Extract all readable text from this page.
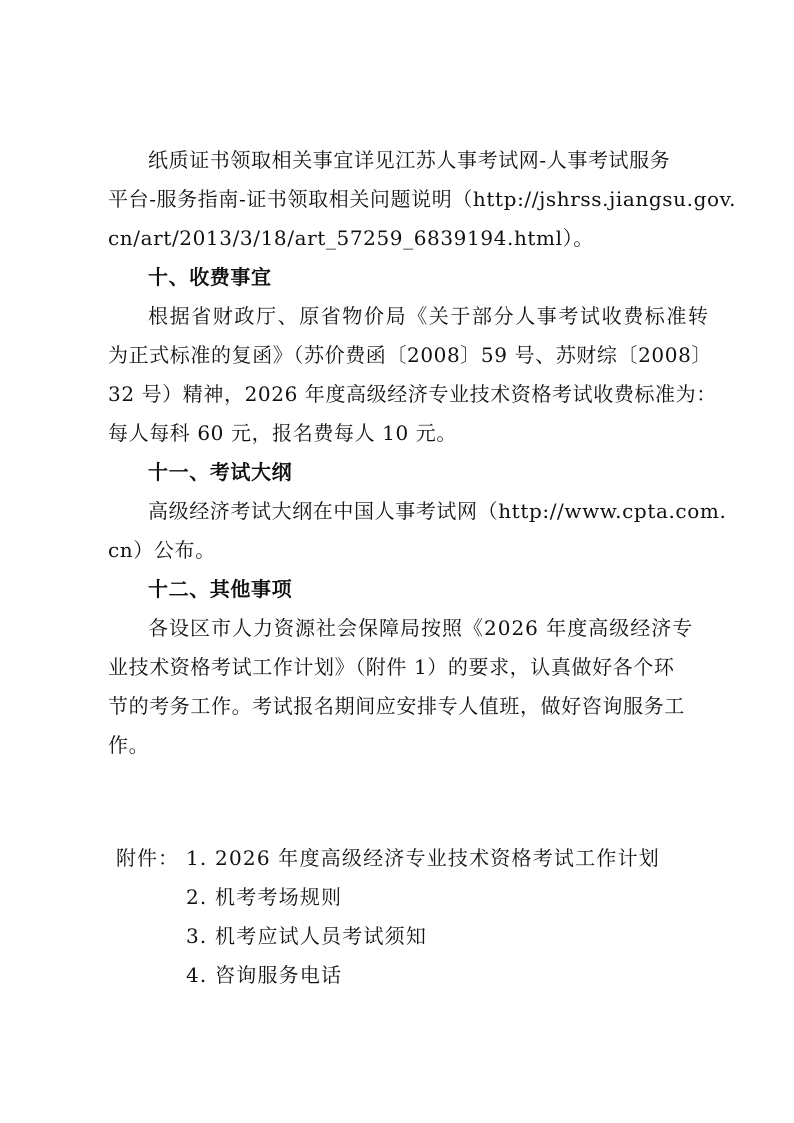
纸质证书领取相关事宜详见江苏人事考试网-人事考试服务
平台-服务指南-证书领取相关问题说明（http://jshrss.jiangsu.gov.
cn/art/2013/3/18/art_57259_6839194.html）。
十、收费事宜
根据省财政厅、原省物价局《关于部分人事考试收费标准转
为正式标准的复函》（苏价费函〔2008〕59 号、苏财综〔2008〕
32 号）精神，2026 年度高级经济专业技术资格考试收费标准为：
每人每科 60 元，报名费每人 10 元。
十一、考试大纲
高级经济考试大纲在中国人事考试网（http://www.cpta.com.
cn）公布。
十二、其他事项
各设区市人力资源社会保障局按照《2026 年度高级经济专
业技术资格考试工作计划》（附件 1）的要求，认真做好各个环
节的考务工作。考试报名期间应安排专人值班，做好咨询服务工
作。
附件： 1. 2026 年度高级经济专业技术资格考试工作计划
2. 机考考场规则
3. 机考应试人员考试须知
4. 咨询服务电话
